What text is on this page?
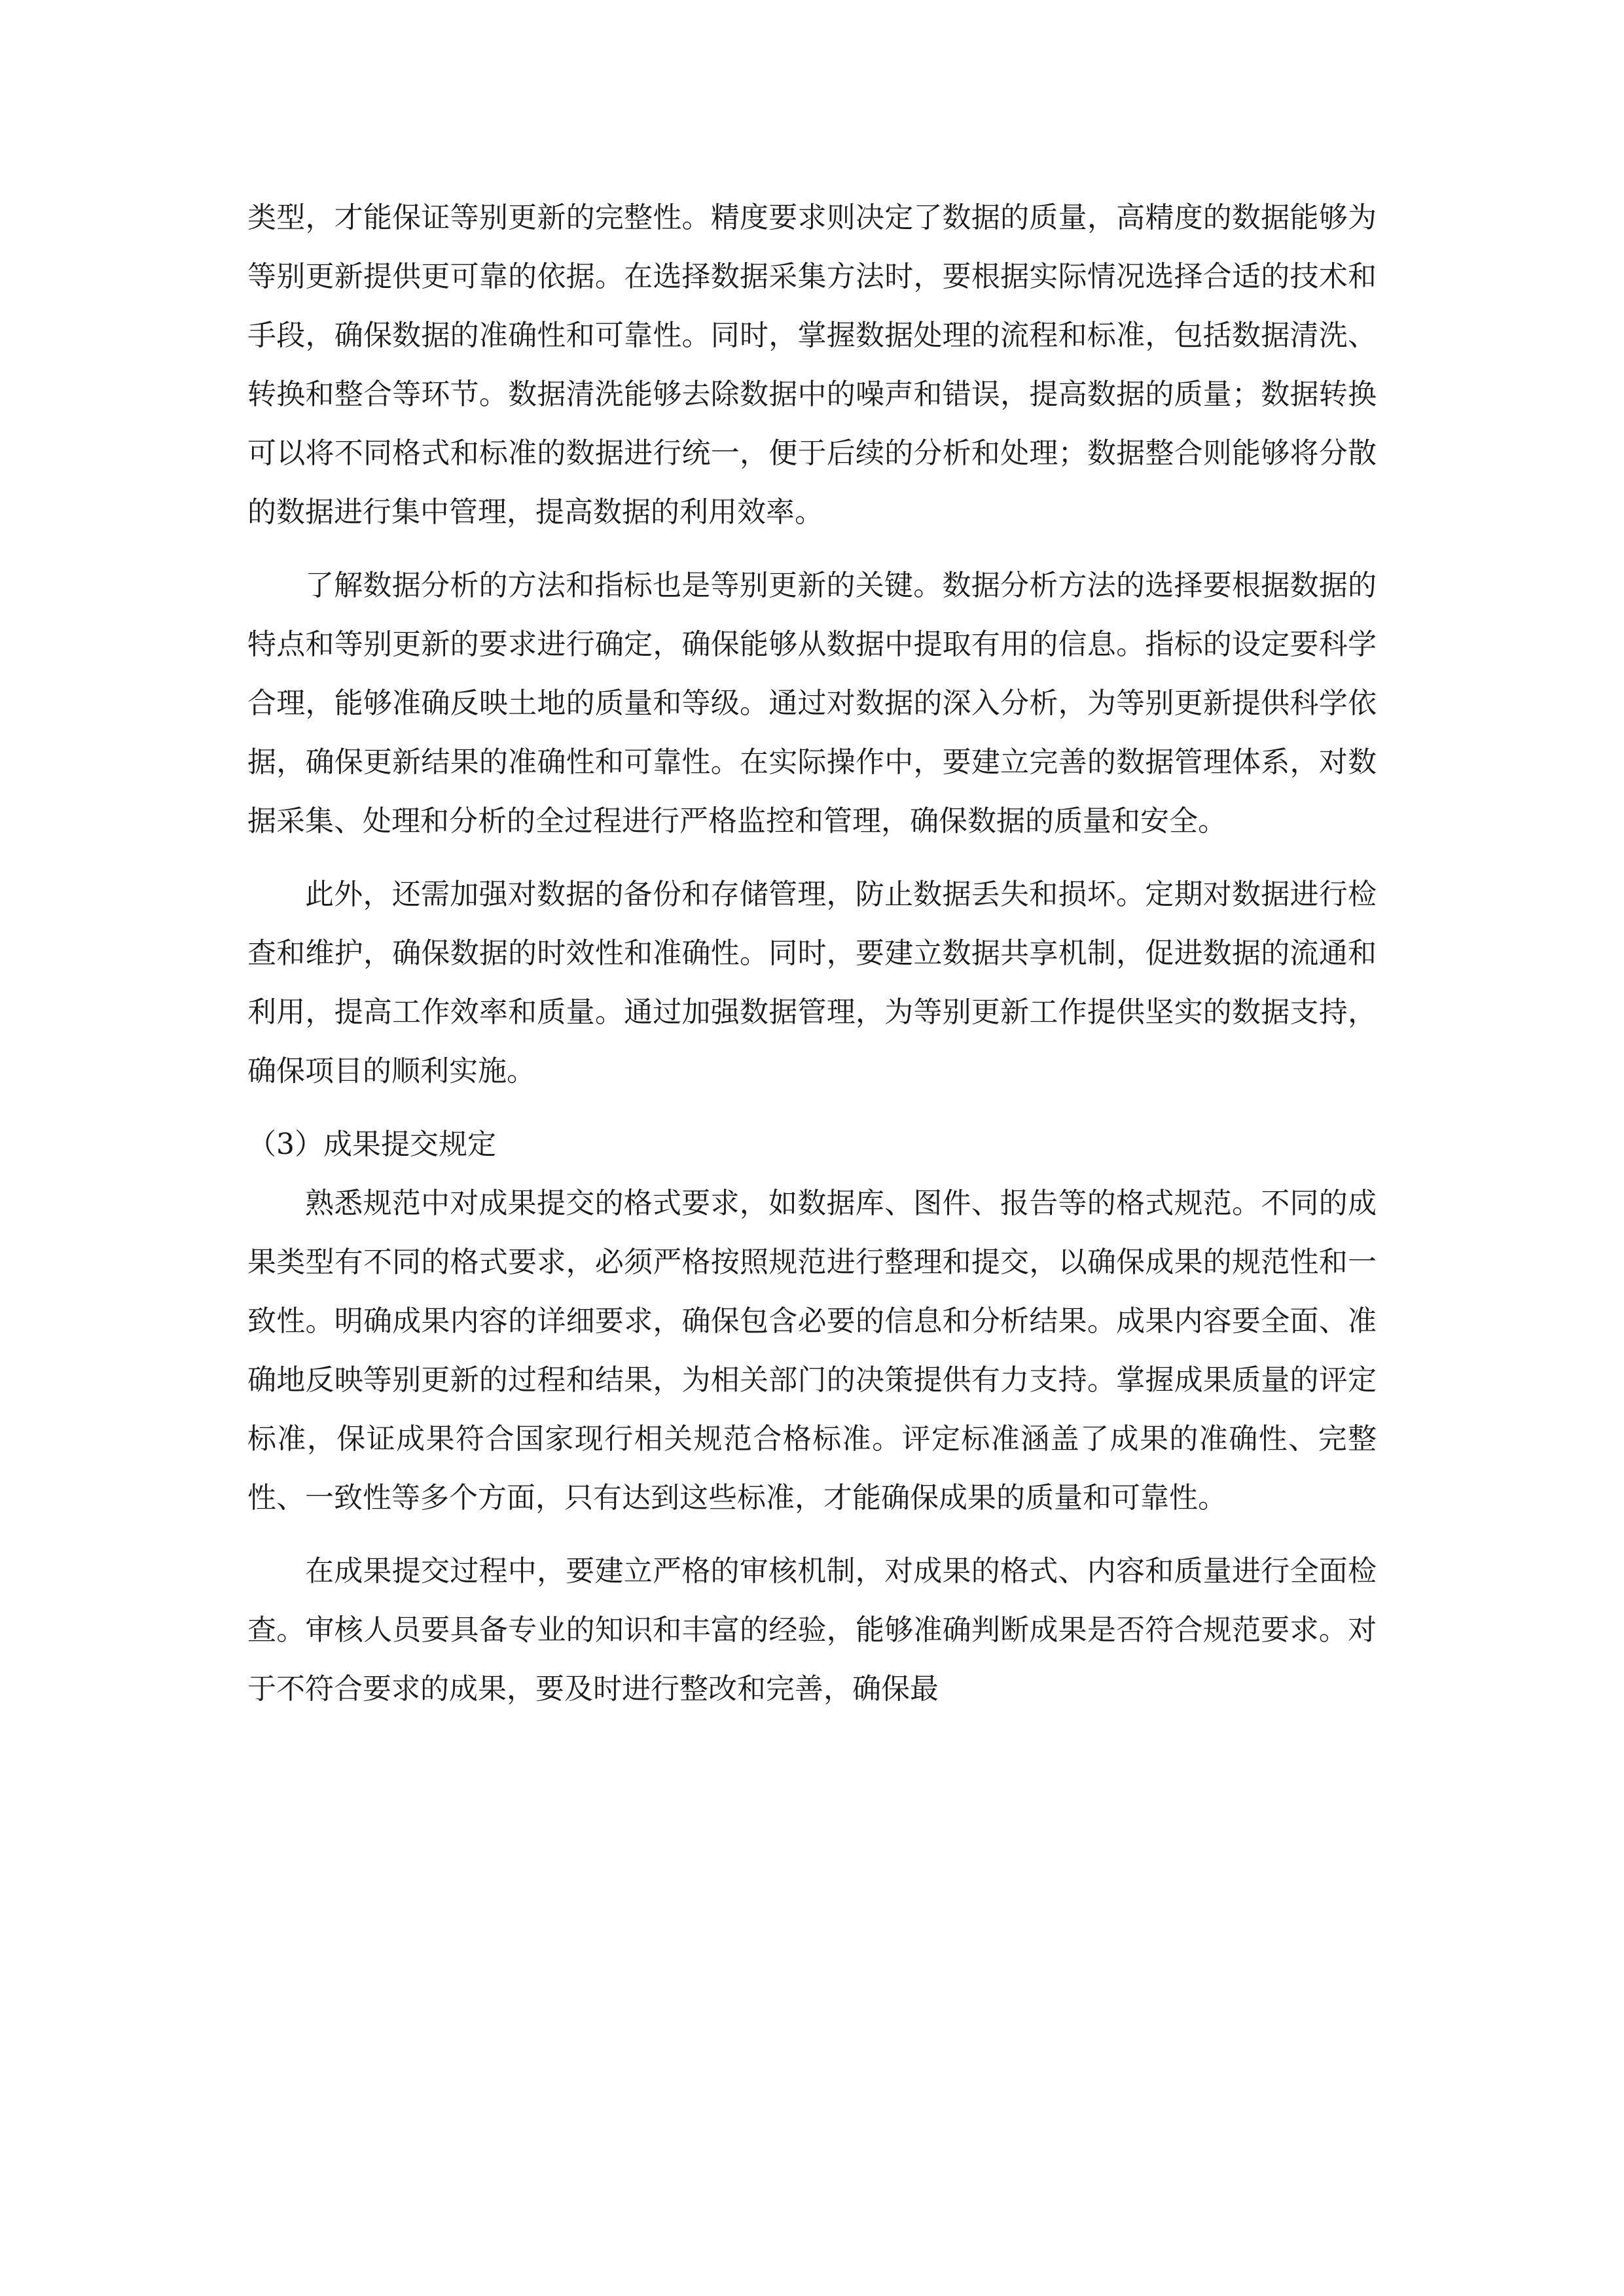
类型，才能保证等别更新的完整性。精度要求则决定了数据的质量，高精度的数据能够为等别更新提供更可靠的依据。在选择数据采集方法时，要根据实际情况选择合适的技术和手段，确保数据的准确性和可靠性。同时，掌握数据处理的流程和标准，包括数据清洗、转换和整合等环节。数据清洗能够去除数据中的噪声和错误，提高数据的质量；数据转换可以将不同格式和标准的数据进行统一，便于后续的分析和处理；数据整合则能够将分散的数据进行集中管理，提高数据的利用效率。

了解数据分析的方法和指标也是等别更新的关键。数据分析方法的选择要根据数据的特点和等别更新的要求进行确定，确保能够从数据中提取有用的信息。指标的设定要科学合理，能够准确反映土地的质量和等级。通过对数据的深入分析，为等别更新提供科学依据，确保更新结果的准确性和可靠性。在实际操作中，要建立完善的数据管理体系，对数据采集、处理和分析的全过程进行严格监控和管理，确保数据的质量和安全。

此外，还需加强对数据的备份和存储管理，防止数据丢失和损坏。定期对数据进行检查和维护，确保数据的时效性和准确性。同时，要建立数据共享机制，促进数据的流通和利用，提高工作效率和质量。通过加强数据管理，为等别更新工作提供坚实的数据支持，确保项目的顺利实施。

（3）成果提交规定

熟悉规范中对成果提交的格式要求，如数据库、图件、报告等的格式规范。不同的成果类型有不同的格式要求，必须严格按照规范进行整理和提交，以确保成果的规范性和一致性。明确成果内容的详细要求，确保包含必要的信息和分析结果。成果内容要全面、准确地反映等别更新的过程和结果，为相关部门的决策提供有力支持。掌握成果质量的评定标准，保证成果符合国家现行相关规范合格标准。评定标准涵盖了成果的准确性、完整性、一致性等多个方面，只有达到这些标准，才能确保成果的质量和可靠性。

在成果提交过程中，要建立严格的审核机制，对成果的格式、内容和质量进行全面检查。审核人员要具备专业的知识和丰富的经验，能够准确判断成果是否符合规范要求。对于不符合要求的成果，要及时进行整改和完善，确保最
